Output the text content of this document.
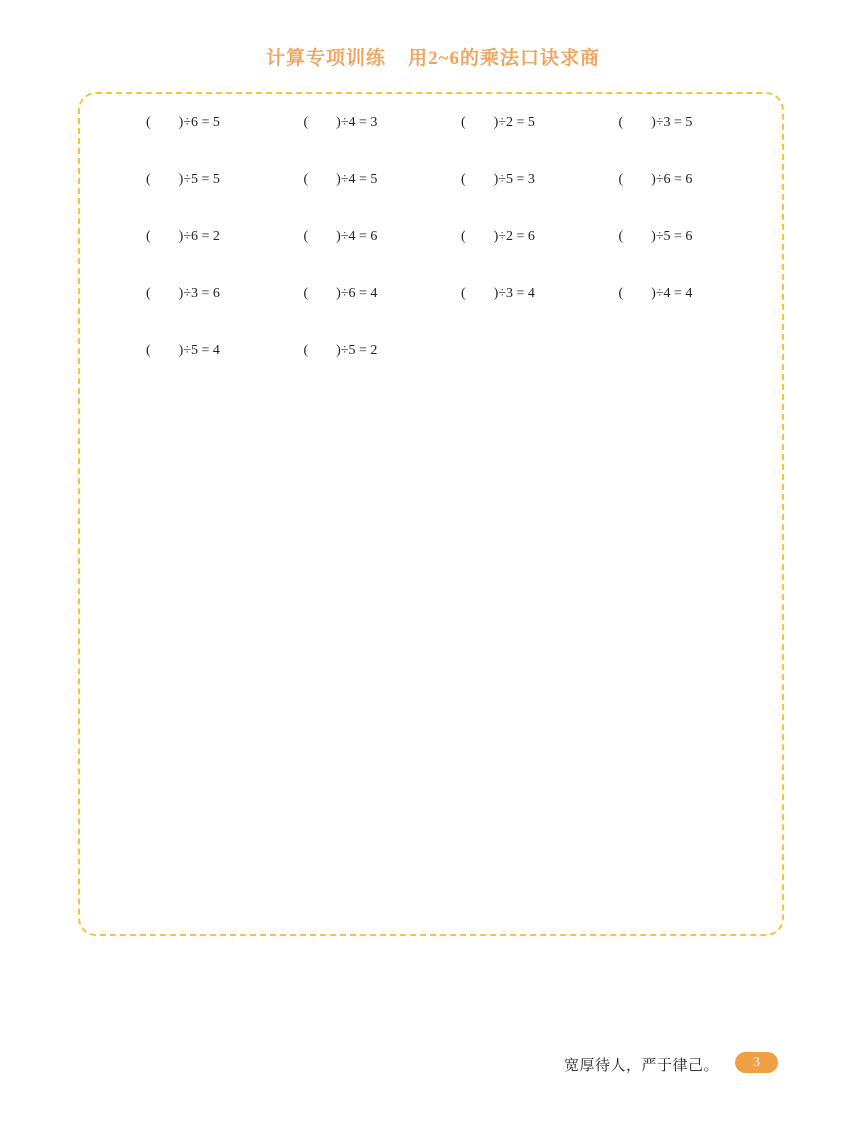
计算专项训练 用2~6的乘法口诀求商
(  )÷6 = 5	(  )÷4 = 3	(  )÷2 = 5	(  )÷3 = 5
(  )÷5 = 5	(  )÷4 = 5	(  )÷5 = 3	(  )÷6 = 6
(  )÷6 = 2	(  )÷4 = 6	(  )÷2 = 6	(  )÷5 = 6
(  )÷3 = 6	(  )÷6 = 4	(  )÷3 = 4	(  )÷4 = 4
(  )÷5 = 4	(  )÷5 = 2
宽厚待人，严于律己。	3
